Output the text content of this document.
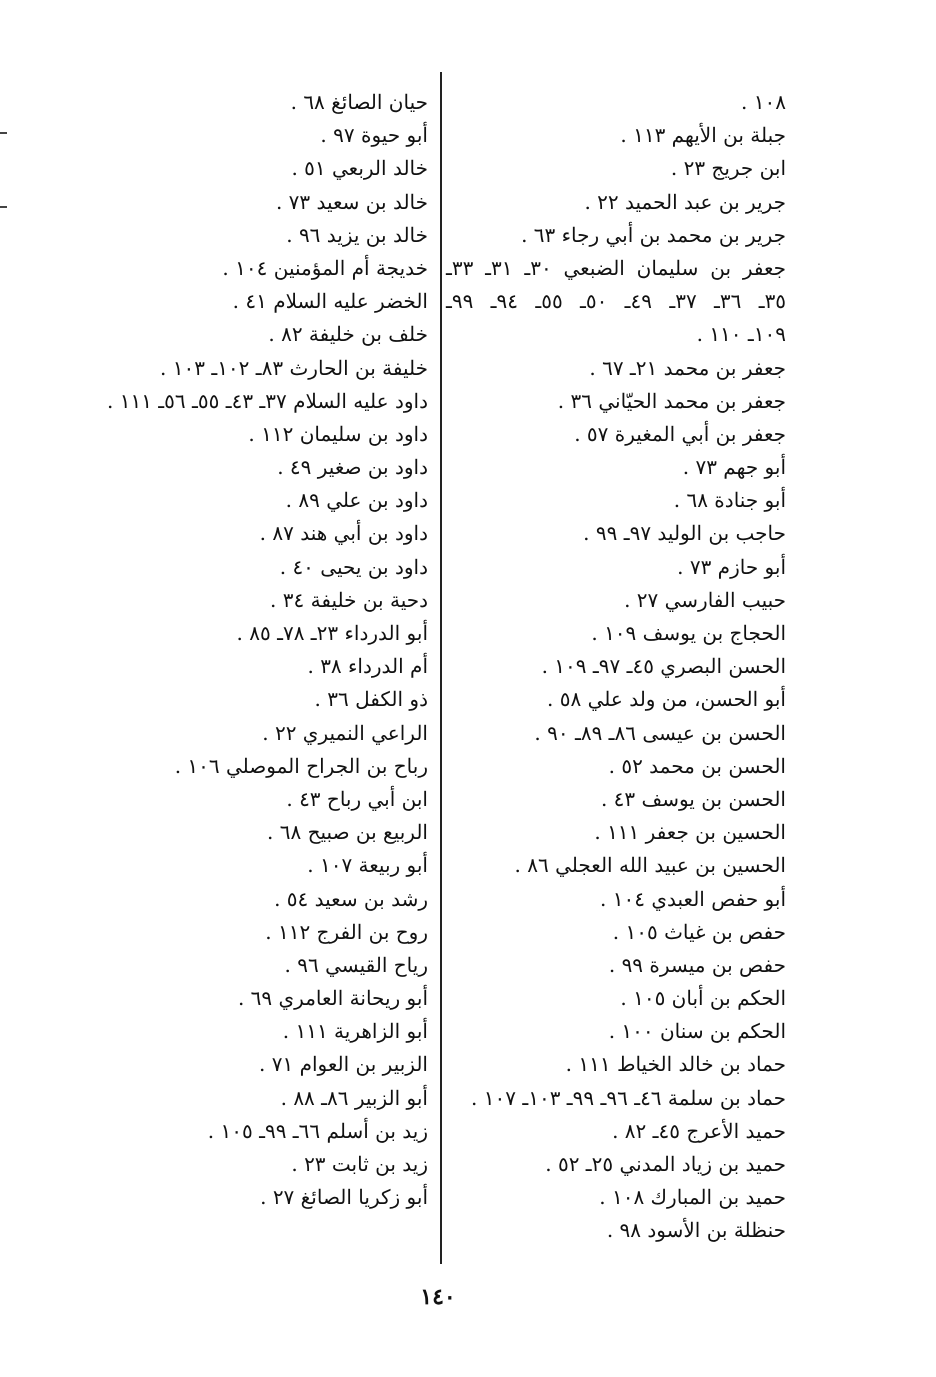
١٠٨ .
جبلة بن الأيهم ١١٣ .
ابن جريج ٢٣ .
جرير بن عبد الحميد ٢٢ .
جرير بن محمد بن أبي رجاء ٦٣ .
جعفر بن سليمان الضبعي ٣٠ـ ٣١ـ ٣٣ـ
٣٥ـ ٣٦ـ ٣٧ـ ٤٩ـ ٥٠ـ ٥٥ـ ٩٤ـ ٩٩ـ
١٠٩ـ ١١٠ .
جعفر بن محمد ٢١ـ ٦٧ .
جعفر بن محمد الحيّاني ٣٦ .
جعفر بن أبي المغيرة ٥٧ .
أبو جهم ٧٣ .
أبو جنادة ٦٨ .
حاجب بن الوليد ٩٧ـ ٩٩ .
أبو حازم ٧٣ .
حبيب الفارسي ٢٧ .
الحجاج بن يوسف ١٠٩ .
الحسن البصري ٤٥ـ ٩٧ـ ١٠٩ .
أبو الحسن، من ولد علي ٥٨ .
الحسن بن عيسى ٨٦ـ ٨٩ـ ٩٠ .
الحسن بن محمد ٥٢ .
الحسن بن يوسف ٤٣ .
الحسين بن جعفر ١١١ .
الحسين بن عبيد الله العجلي ٨٦ .
أبو حفص العبدي ١٠٤ .
حفص بن غياث ١٠٥ .
حفص بن ميسرة ٩٩ .
الحكم بن أبان ١٠٥ .
الحكم بن سنان ١٠٠ .
حماد بن خالد الخياط ١١١ .
حماد بن سلمة ٤٦ـ ٩٦ـ ٩٩ـ ١٠٣ـ ١٠٧ .
حميد الأعرج ٤٥ـ ٨٢ .
حميد بن زياد المدني ٢٥ـ ٥٢ .
حميد بن المبارك ١٠٨ .
حنظلة بن الأسود ٩٨ .
حيان الصائغ ٦٨ .
أبو حيوة ٩٧ .
خالد الربعي ٥١ .
خالد بن سعيد ٧٣ .
خالد بن يزيد ٩٦ .
خديجة أم المؤمنين ١٠٤ .
الخضر عليه السلام ٤١ .
خلف بن خليفة ٨٢ .
خليفة بن الحارث ٨٣ـ ١٠٢ـ ١٠٣ .
داود عليه السلام ٣٧ـ ٤٣ـ ٥٥ـ ٥٦ـ ١١١ .
داود بن سليمان ١١٢ .
داود بن صغير ٤٩ .
داود بن علي ٨٩ .
داود بن أبي هند ٨٧ .
داود بن يحيى ٤٠ .
دحية بن خليفة ٣٤ .
أبو الدرداء ٢٣ـ ٧٨ـ ٨٥ .
أم الدرداء ٣٨ .
ذو الكفل ٣٦ .
الراعي النميري ٢٢ .
رباح بن الجراح الموصلي ١٠٦ .
ابن أبي رباح ٤٣ .
الربيع بن صبيح ٦٨ .
أبو ربيعة ١٠٧ .
رشد بن سعيد ٥٤ .
روح بن الفرج ١١٢ .
رياح القيسي ٩٦ .
أبو ريحانة العامري ٦٩ .
أبو الزاهرية ١١١ .
الزبير بن العوام ٧١ .
أبو الزبير ٨٦ـ ٨٨ .
زيد بن أسلم ٦٦ـ ٩٩ـ ١٠٥ .
زيد بن ثابت ٢٣ .
أبو زكريا الصائغ ٢٧ .
١٤٠
